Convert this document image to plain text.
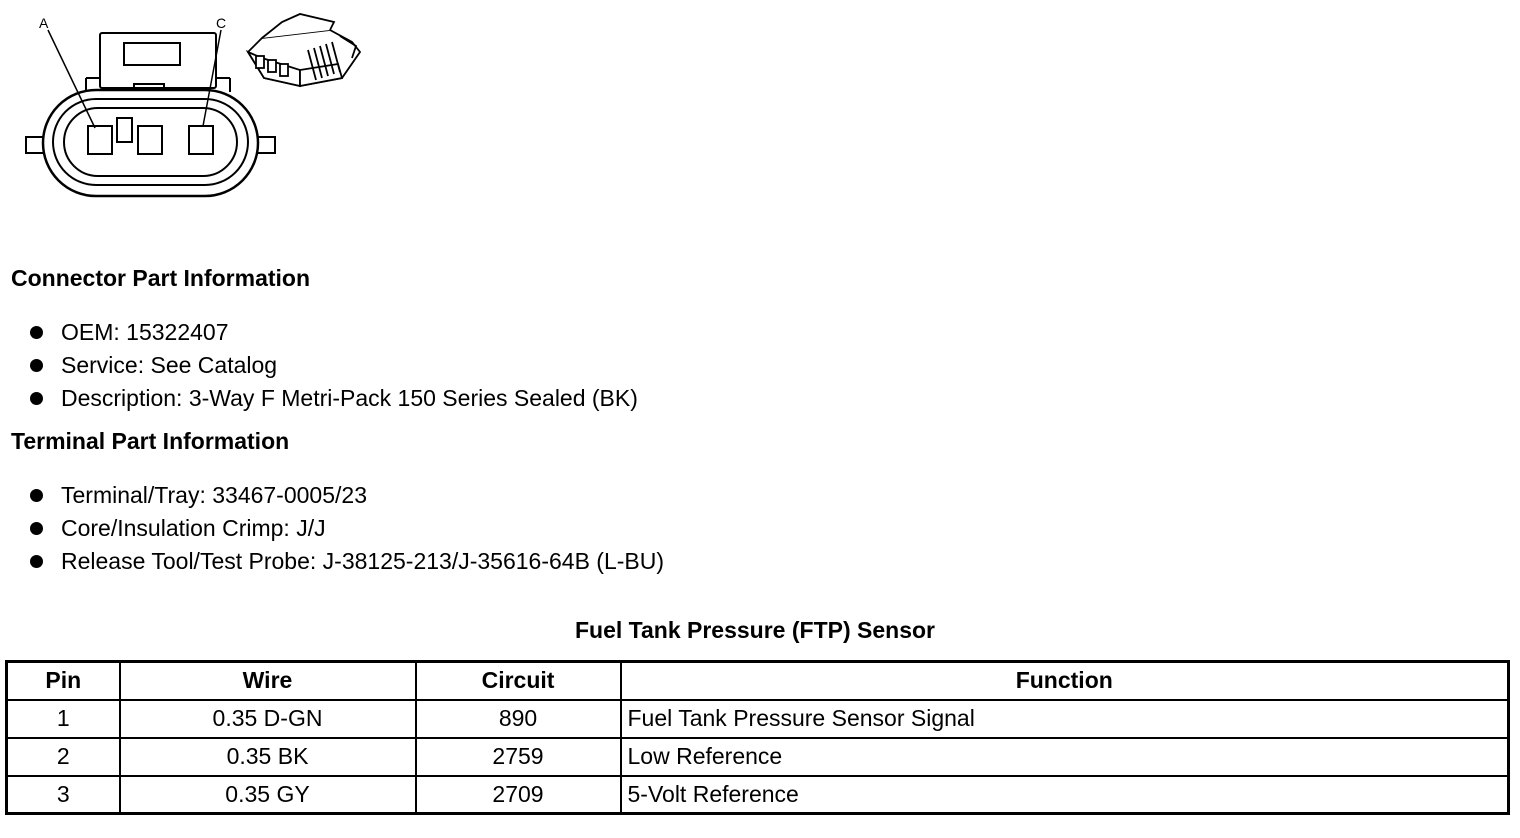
A	C
Connector Part Information
OEM: 15322407
Service: See Catalog
Description: 3-Way F Metri-Pack 150 Series Sealed (BK)
Terminal Part Information
Terminal/Tray: 33467-0005/23
Core/Insulation Crimp: J/J
Release Tool/Test Probe: J-38125-213/J-35616-64B (L-BU)
Fuel Tank Pressure (FTP) Sensor
Pin	Wire	Circuit	Function
1	0.35 D-GN	890	Fuel Tank Pressure Sensor Signal
2	0.35 BK	2759	Low Reference
3	0.35 GY	2709	5-Volt Reference
